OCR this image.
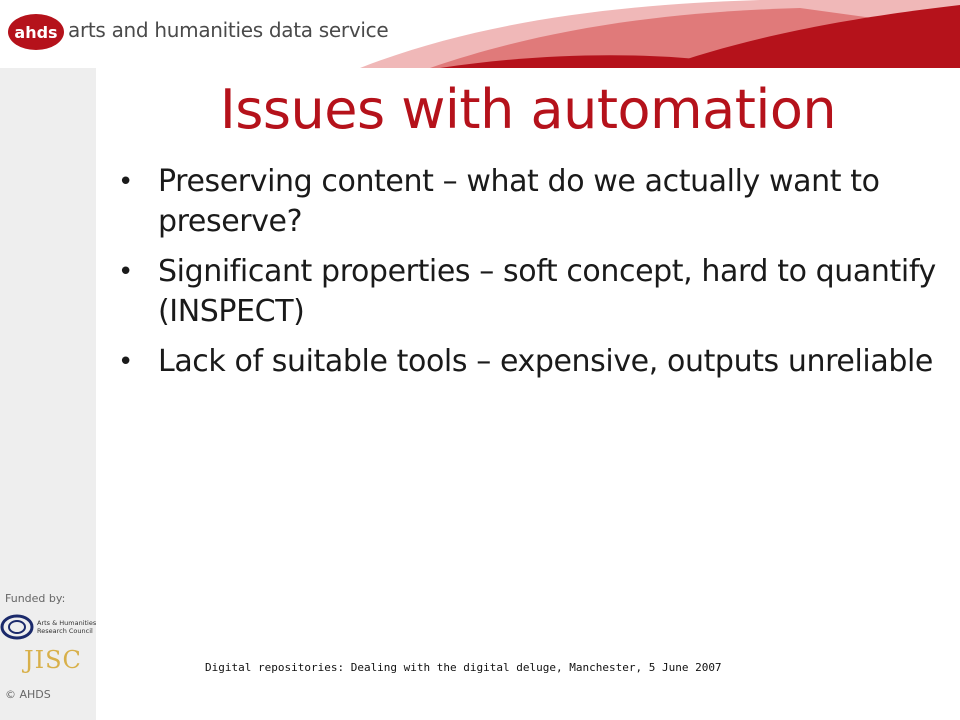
ahds arts and humanities data service
Issues with automation
• Preserving content – what do we actually want to preserve?
• Significant properties – soft concept, hard to quantify (INSPECT)
• Lack of suitable tools – expensive, outputs unreliable
Funded by:
Arts & Humanities
Research Council
JISC
© AHDS
Digital repositories: Dealing with the digital deluge, Manchester, 5 June 2007
